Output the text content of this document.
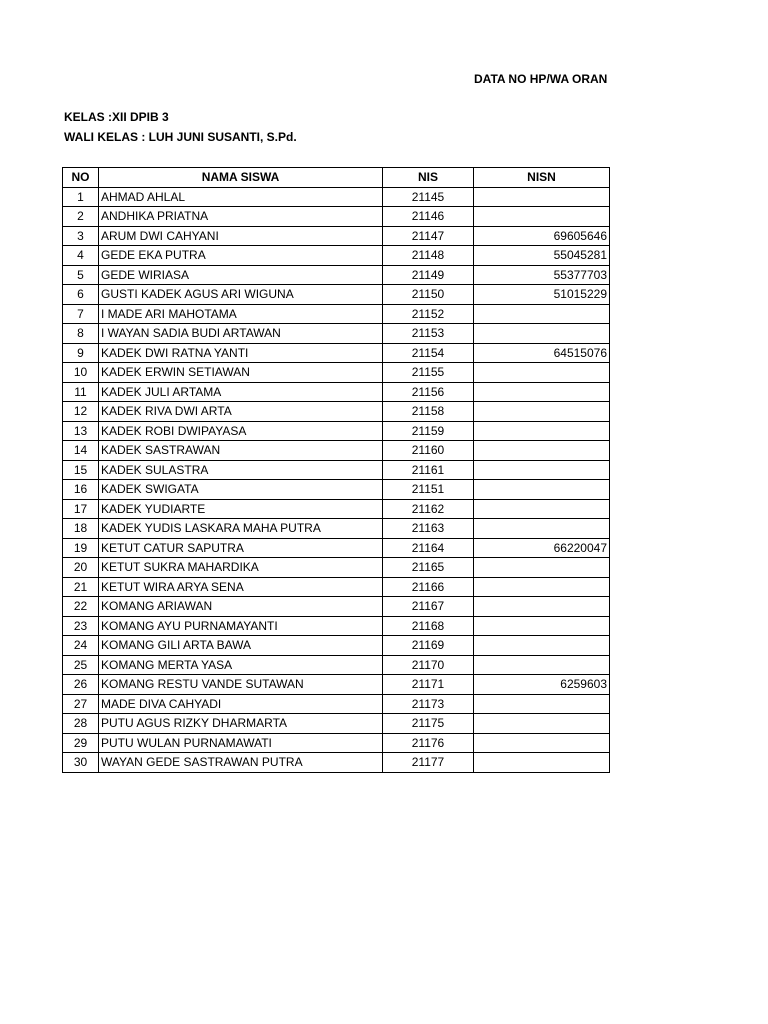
DATA NO HP/WA ORAN
KELAS :XII DPIB 3
WALI KELAS : LUH JUNI SUSANTI, S.Pd.
NO	NAMA SISWA	NIS	NISN
1	AHMAD AHLAL	21145	
2	ANDHIKA PRIATNA	21146	
3	ARUM DWI CAHYANI	21147	69605646
4	GEDE EKA PUTRA	21148	55045281
5	GEDE WIRIASA	21149	55377703
6	GUSTI KADEK AGUS ARI WIGUNA	21150	51015229
7	I MADE ARI MAHOTAMA	21152	
8	I WAYAN SADIA BUDI ARTAWAN	21153	
9	KADEK DWI RATNA YANTI	21154	64515076
10	KADEK ERWIN SETIAWAN	21155	
11	KADEK JULI ARTAMA	21156	
12	KADEK RIVA DWI ARTA	21158	
13	KADEK ROBI DWIPAYASA	21159	
14	KADEK SASTRAWAN	21160	
15	KADEK SULASTRA	21161	
16	KADEK SWIGATA	21151	
17	KADEK YUDIARTE	21162	
18	KADEK YUDIS LASKARA MAHA PUTRA	21163	
19	KETUT CATUR SAPUTRA	21164	66220047
20	KETUT SUKRA MAHARDIKA	21165	
21	KETUT WIRA ARYA SENA	21166	
22	KOMANG ARIAWAN	21167	
23	KOMANG AYU PURNAMAYANTI	21168	
24	KOMANG GILI ARTA BAWA	21169	
25	KOMANG MERTA YASA	21170	
26	KOMANG RESTU VANDE SUTAWAN	21171	6259603
27	MADE DIVA CAHYADI	21173	
28	PUTU AGUS RIZKY DHARMARTA	21175	
29	PUTU WULAN PURNAMAWATI	21176	
30	WAYAN GEDE SASTRAWAN PUTRA	21177	
